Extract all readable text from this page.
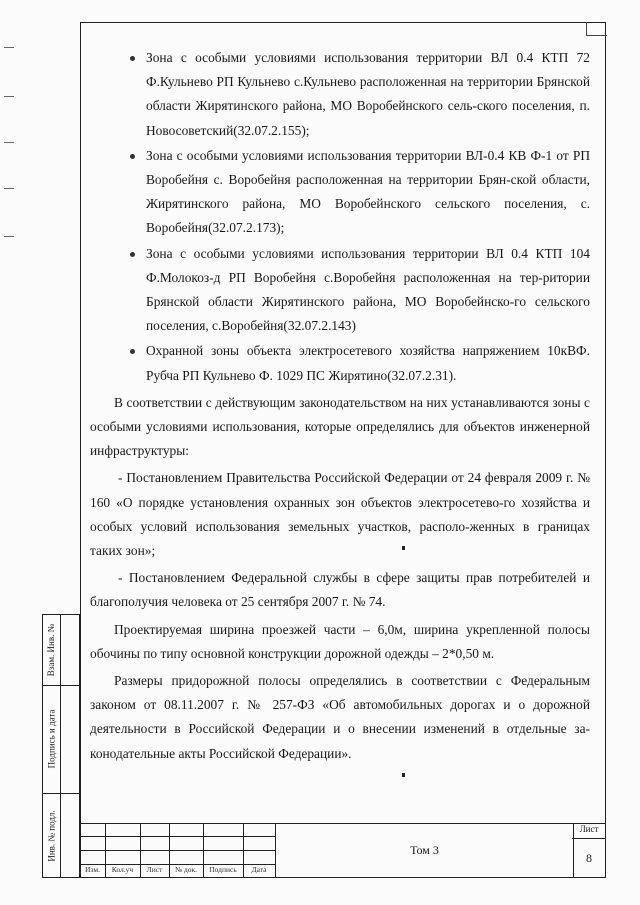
Зона с особыми условиями использования территории ВЛ 0.4 КТП 72 Ф.Кульнево РП Кульнево с.Кульнево расположенная на территории Брянской области Жирятинского района, МО Воробейнского сель-ского поселения, п. Новосоветский(32.07.2.155);
Зона с особыми условиями использования территории ВЛ-0.4 КВ Ф-1 от РП Воробейня с. Воробейня расположенная на территории Брян-ской области, Жирятинского района, МО Воробейнского сельского поселения, с. Воробейня(32.07.2.173);
Зона с особыми условиями использования территории ВЛ 0.4 КТП 104 Ф.Молокоз-д РП Воробейня с.Воробейня расположенная на тер-ритории Брянской области Жирятинского района, МО Воробейнско-го сельского поселения, с.Воробейня(32.07.2.143)
Охранной зоны объекта электросетевого хозяйства напряжением 10кВФ. Рубча РП Кульнево Ф. 1029 ПС Жирятино(32.07.2.31).

В соответствии с действующим законодательством на них устанавливаются зоны с особыми условиями использования, которые определялись для объектов инженерной инфраструктуры:

- Постановлением Правительства Российской Федерации от 24 февраля 2009 г. № 160 «О порядке установления охранных зон объектов электросетево-го хозяйства и особых условий использования земельных участков, располо-женных в границах таких зон»;

- Постановлением Федеральной службы в сфере защиты прав потребителей и благополучия человека от 25 сентября 2007 г. № 74.

Проектируемая ширина проезжей части – 6,0м, ширина укрепленной полосы обочины по типу основной конструкции дорожной одежды – 2*0,50 м.

Размеры придорожной полосы определялись в соответствии с Федеральным законом от 08.11.2007 г. № 257-ФЗ «Об автомобильных дорогах и о дорожной деятельности в Российской Федерации и о внесении изменений в отдельные за-конодательные акты Российской Федерации».

Взам. Инв. №
Подпись и дата
Инв. № подл.
Изм.	Кол.уч	Лист	№ док.	Подпись	Дата
Том 3
Лист
8
